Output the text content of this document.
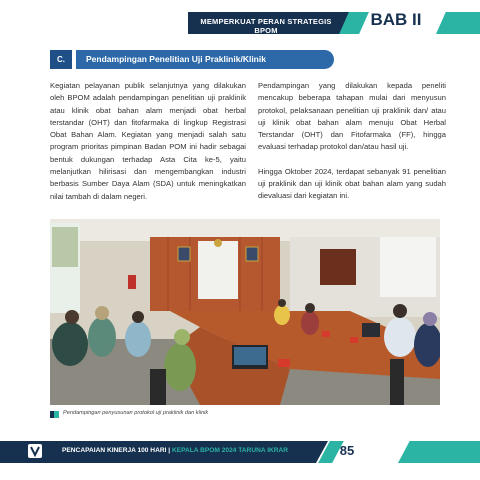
MEMPERKUAT PERAN STRATEGIS BPOM
BAB II
C.	Pendampingan Penelitian Uji Praklinik/Klinik

Kegiatan pelayanan publik selanjutnya yang dilakukan oleh BPOM adalah pendampingan penelitian uji praklinik atau klinik obat bahan alam menjadi obat herbal terstandar (OHT) dan fitofarmaka di lingkup Registrasi Obat Bahan Alam. Kegiatan yang menjadi salah satu program prioritas pimpinan Badan POM ini hadir sebagai bentuk dukungan terhadap Asta Cita ke-5, yaitu melanjutkan hilirisasi dan mengembangkan industri berbasis Sumber Daya Alam (SDA) untuk meningkatkan nilai tambah di dalam negeri.

Pendampingan yang dilakukan kepada peneliti mencakup beberapa tahapan mulai dari menyusun protokol, pelaksanaan penelitian uji praklinik dan/ atau uji klinik obat bahan alam menuju Obat Herbal Terstandar (OHT) dan Fitofarmaka (FF), hingga evaluasi terhadap protokol dan/atau hasil uji.

Hingga Oktober 2024, terdapat sebanyak 91 penelitian uji praklinik dan uji klinik obat bahan alam yang sudah dievaluasi dari kegiatan ini.

Pendampingan penyusunan protokol uji praklinik dan klinik
PENCAPAIAN KINERJA 100 HARI | KEPALA BPOM 2024 TARUNA IKRAR	85
